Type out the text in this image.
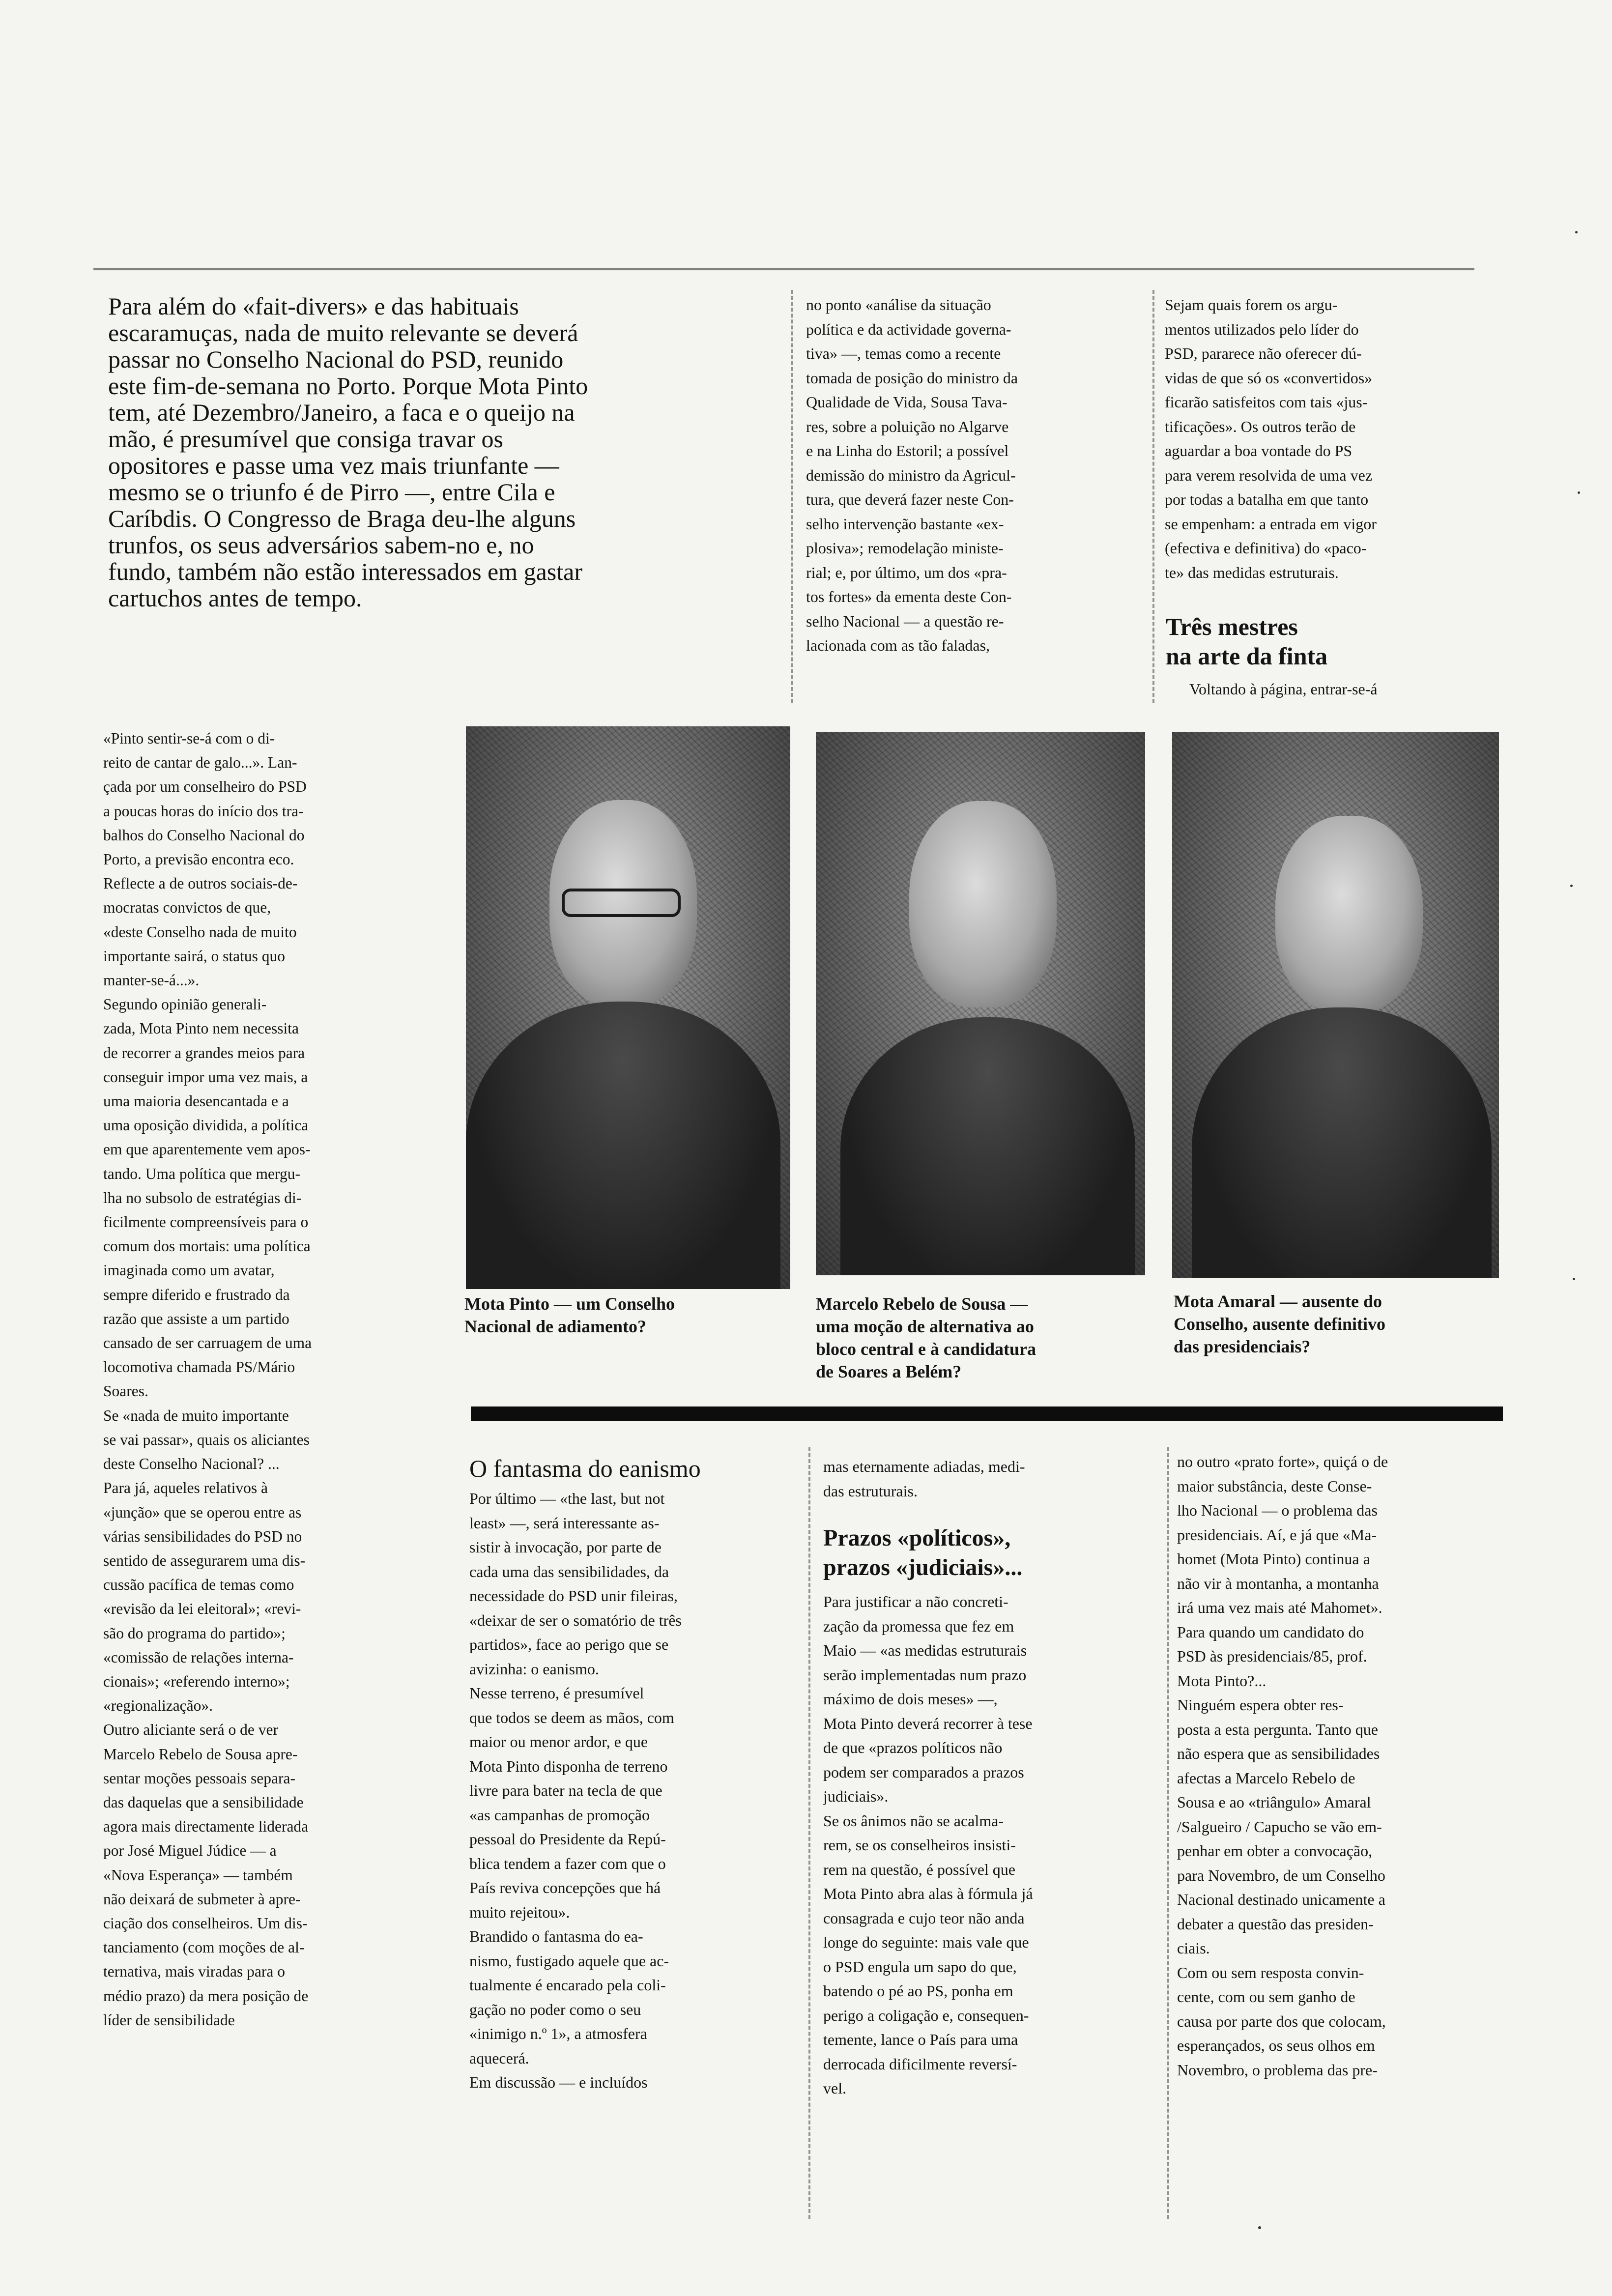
Para além do «fait-divers» e das habituais
escaramuças, nada de muito relevante se deverá
passar no Conselho Nacional do PSD, reunido
este fim-de-semana no Porto. Porque Mota Pinto
tem, até Dezembro/Janeiro, a faca e o queijo na
mão, é presumível que consiga travar os
opositores e passe uma vez mais triunfante —
mesmo se o triunfo é de Pirro —, entre Cila e
Caríbdis. O Congresso de Braga deu-lhe alguns
trunfos, os seus adversários sabem-no e, no
fundo, também não estão interessados em gastar
cartuchos antes de tempo.
no ponto «análise da situação
política e da actividade governa-
tiva» —, temas como a recente
tomada de posição do ministro da
Qualidade de Vida, Sousa Tava-
res, sobre a poluição no Algarve
e na Linha do Estoril; a possível
demissão do ministro da Agricul-
tura, que deverá fazer neste Con-
selho intervenção bastante «ex-
plosiva»; remodelação ministe-
rial; e, por último, um dos «pra-
tos fortes» da ementa deste Con-
selho Nacional — a questão re-
lacionada com as tão faladas,
Sejam quais forem os argu-
mentos utilizados pelo líder do
PSD, pararece não oferecer dú-
vidas de que só os «convertidos»
ficarão satisfeitos com tais «jus-
tificações». Os outros terão de
aguardar a boa vontade do PS
para verem resolvida de uma vez
por todas a batalha em que tanto
se empenham: a entrada em vigor
(efectiva e definitiva) do «paco-
te» das medidas estruturais.
Três mestres
na arte da finta
Voltando à página, entrar-se-á
«Pinto sentir-se-á com o di-
reito de cantar de galo...». Lan-
çada por um conselheiro do PSD
a poucas horas do início dos tra-
balhos do Conselho Nacional do
Porto, a previsão encontra eco.
Reflecte a de outros sociais-de-
mocratas convictos de que,
«deste Conselho nada de muito
importante sairá, o status quo
manter-se-á...».
Segundo opinião generali-
zada, Mota Pinto nem necessita
de recorrer a grandes meios para
conseguir impor uma vez mais, a
uma maioria desencantada e a
uma oposição dividida, a política
em que aparentemente vem apos-
tando. Uma política que mergu-
lha no subsolo de estratégias di-
ficilmente compreensíveis para o
comum dos mortais: uma política
imaginada como um avatar,
sempre diferido e frustrado da
razão que assiste a um partido
cansado de ser carruagem de uma
locomotiva chamada PS/Mário
Soares.
Se «nada de muito importante
se vai passar», quais os aliciantes
deste Conselho Nacional? ...
Para já, aqueles relativos à
«junção» que se operou entre as
várias sensibilidades do PSD no
sentido de assegurarem uma dis-
cussão pacífica de temas como
«revisão da lei eleitoral»; «revi-
são do programa do partido»;
«comissão de relações interna-
cionais»; «referendo interno»;
«regionalização».
Outro aliciante será o de ver
Marcelo Rebelo de Sousa apre-
sentar moções pessoais separa-
das daquelas que a sensibilidade
agora mais directamente liderada
por José Miguel Júdice — a
«Nova Esperança» — também
não deixará de submeter à apre-
ciação dos conselheiros. Um dis-
tanciamento (com moções de al-
ternativa, mais viradas para o
médio prazo) da mera posição de
líder de sensibilidade
Mota Pinto — um Conselho
Nacional de adiamento?
Marcelo Rebelo de Sousa —
uma moção de alternativa ao
bloco central e à candidatura
de Soares a Belém?
Mota Amaral — ausente do
Conselho, ausente definitivo
das presidenciais?
O fantasma do eanismo
Por último — «the last, but not
least» —, será interessante as-
sistir à invocação, por parte de
cada uma das sensibilidades, da
necessidade do PSD unir fileiras,
«deixar de ser o somatório de três
partidos», face ao perigo que se
avizinha: o eanismo.
Nesse terreno, é presumível
que todos se deem as mãos, com
maior ou menor ardor, e que
Mota Pinto disponha de terreno
livre para bater na tecla de que
«as campanhas de promoção
pessoal do Presidente da Repú-
blica tendem a fazer com que o
País reviva concepções que há
muito rejeitou».
Brandido o fantasma do ea-
nismo, fustigado aquele que ac-
tualmente é encarado pela coli-
gação no poder como o seu
«inimigo n.º 1», a atmosfera
aquecerá.
Em discussão — e incluídos
mas eternamente adiadas, medi-
das estruturais.
Prazos «políticos»,
prazos «judiciais»...
Para justificar a não concreti-
zação da promessa que fez em
Maio — «as medidas estruturais
serão implementadas num prazo
máximo de dois meses» —,
Mota Pinto deverá recorrer à tese
de que «prazos políticos não
podem ser comparados a prazos
judiciais».
Se os ânimos não se acalma-
rem, se os conselheiros insisti-
rem na questão, é possível que
Mota Pinto abra alas à fórmula já
consagrada e cujo teor não anda
longe do seguinte: mais vale que
o PSD engula um sapo do que,
batendo o pé ao PS, ponha em
perigo a coligação e, consequen-
temente, lance o País para uma
derrocada dificilmente reversí-
vel.
no outro «prato forte», quiçá o de
maior substância, deste Conse-
lho Nacional — o problema das
presidenciais. Aí, e já que «Ma-
homet (Mota Pinto) continua a
não vir à montanha, a montanha
irá uma vez mais até Mahomet».
Para quando um candidato do
PSD às presidenciais/85, prof.
Mota Pinto?...
Ninguém espera obter res-
posta a esta pergunta. Tanto que
não espera que as sensibilidades
afectas a Marcelo Rebelo de
Sousa e ao «triângulo» Amaral
/Salgueiro / Capucho se vão em-
penhar em obter a convocação,
para Novembro, de um Conselho
Nacional destinado unicamente a
debater a questão das presiden-
ciais.
Com ou sem resposta convin-
cente, com ou sem ganho de
causa por parte dos que colocam,
esperançados, os seus olhos em
Novembro, o problema das pre-
